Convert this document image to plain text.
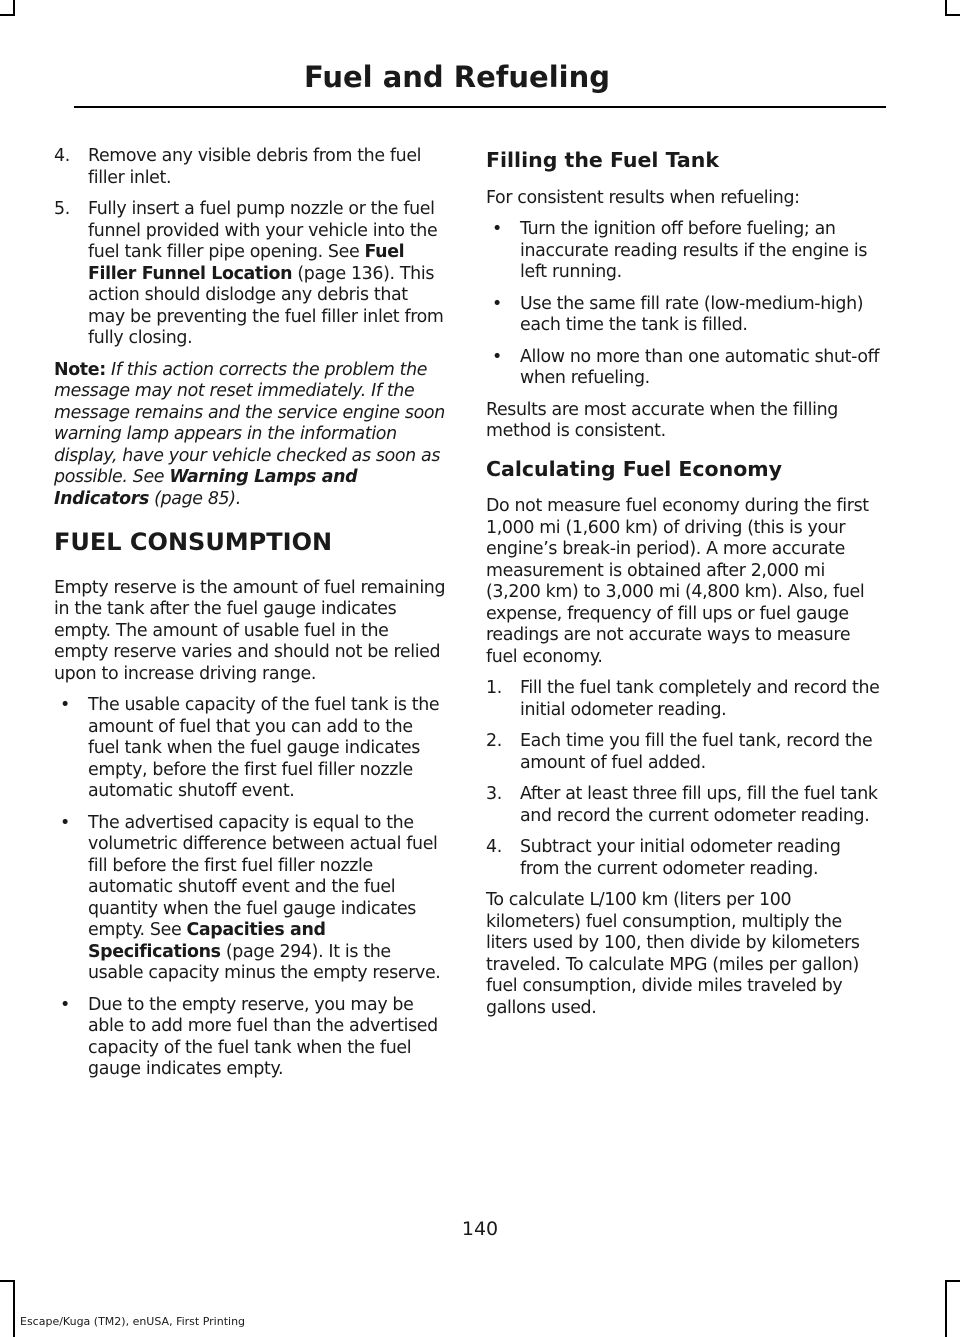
Fuel and Refueling
4.	Remove any visible debris from the fuel filler inlet.
5.	Fully insert a fuel pump nozzle or the fuel funnel provided with your vehicle into the fuel tank filler pipe opening. See Fuel Filler Funnel Location (page 136). This action should dislodge any debris that may be preventing the fuel filler inlet from fully closing.

Note: If this action corrects the problem the message may not reset immediately. If the message remains and the service engine soon warning lamp appears in the information display, have your vehicle checked as soon as possible. See Warning Lamps and Indicators (page 85).

FUEL CONSUMPTION

Empty reserve is the amount of fuel remaining in the tank after the fuel gauge indicates empty. The amount of usable fuel in the empty reserve varies and should not be relied upon to increase driving range.

•	The usable capacity of the fuel tank is the amount of fuel that you can add to the fuel tank when the fuel gauge indicates empty, before the first fuel filler nozzle automatic shutoff event.
•	The advertised capacity is equal to the volumetric difference between actual fuel fill before the first fuel filler nozzle automatic shutoff event and the fuel quantity when the fuel gauge indicates empty. See Capacities and Specifications (page 294). It is the usable capacity minus the empty reserve.
•	Due to the empty reserve, you may be able to add more fuel than the advertised capacity of the fuel tank when the fuel gauge indicates empty.
Filling the Fuel Tank

For consistent results when refueling:

•	Turn the ignition off before fueling; an inaccurate reading results if the engine is left running.
•	Use the same fill rate (low-medium-high) each time the tank is filled.
•	Allow no more than one automatic shut-off when refueling.

Results are most accurate when the filling method is consistent.

Calculating Fuel Economy

Do not measure fuel economy during the first 1,000 mi (1,600 km) of driving (this is your engine’s break-in period). A more accurate measurement is obtained after 2,000 mi (3,200 km) to 3,000 mi (4,800 km). Also, fuel expense, frequency of fill ups or fuel gauge readings are not accurate ways to measure fuel economy.

1.	Fill the fuel tank completely and record the initial odometer reading.
2.	Each time you fill the fuel tank, record the amount of fuel added.
3.	After at least three fill ups, fill the fuel tank and record the current odometer reading.
4.	Subtract your initial odometer reading from the current odometer reading.

To calculate L/100 km (liters per 100 kilometers) fuel consumption, multiply the liters used by 100, then divide by kilometers traveled. To calculate MPG (miles per gallon) fuel consumption, divide miles traveled by gallons used.

140
Escape/Kuga (TM2), enUSA, First Printing
